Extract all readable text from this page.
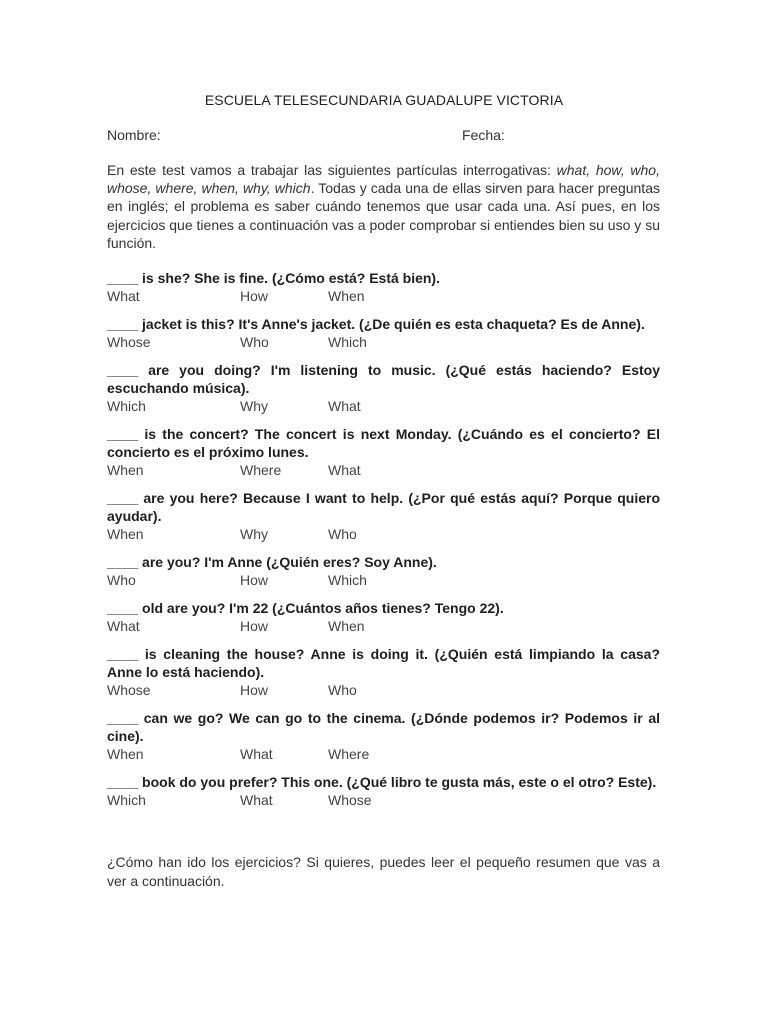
ESCUELA TELESECUNDARIA GUADALUPE VICTORIA
Nombre:	Fecha:
En este test vamos a trabajar las siguientes partículas interrogativas: what, how, who, whose, where, when, why, which. Todas y cada una de ellas sirven para hacer preguntas en inglés; el problema es saber cuándo tenemos que usar cada una. Así pues, en los ejercicios que tienes a continuación vas a poder comprobar si entiendes bien su uso y su función.
____ is she? She is fine. (¿Cómo está? Está bien).
What	How	When
____ jacket is this? It's Anne's jacket. (¿De quién es esta chaqueta? Es de Anne).
Whose	Who	Which
____ are you doing? I'm listening to music. (¿Qué estás haciendo? Estoy escuchando música).
Which	Why	What
____ is the concert? The concert is next Monday. (¿Cuándo es el concierto? El concierto es el próximo lunes.
When	Where	What
____ are you here? Because I want to help. (¿Por qué estás aquí? Porque quiero ayudar).
When	Why	Who
____ are you? I'm Anne (¿Quién eres? Soy Anne).
Who	How	Which
____ old are you? I'm 22 (¿Cuántos años tienes? Tengo 22).
What	How	When
____ is cleaning the house? Anne is doing it. (¿Quién está limpiando la casa? Anne lo está haciendo).
Whose	How	Who
____ can we go? We can go to the cinema. (¿Dónde podemos ir? Podemos ir al cine).
When	What	Where
____ book do you prefer? This one. (¿Qué libro te gusta más, este o el otro? Este).
Which	What	Whose
¿Cómo han ido los ejercicios? Si quieres, puedes leer el pequeño resumen que vas a ver a continuación.
